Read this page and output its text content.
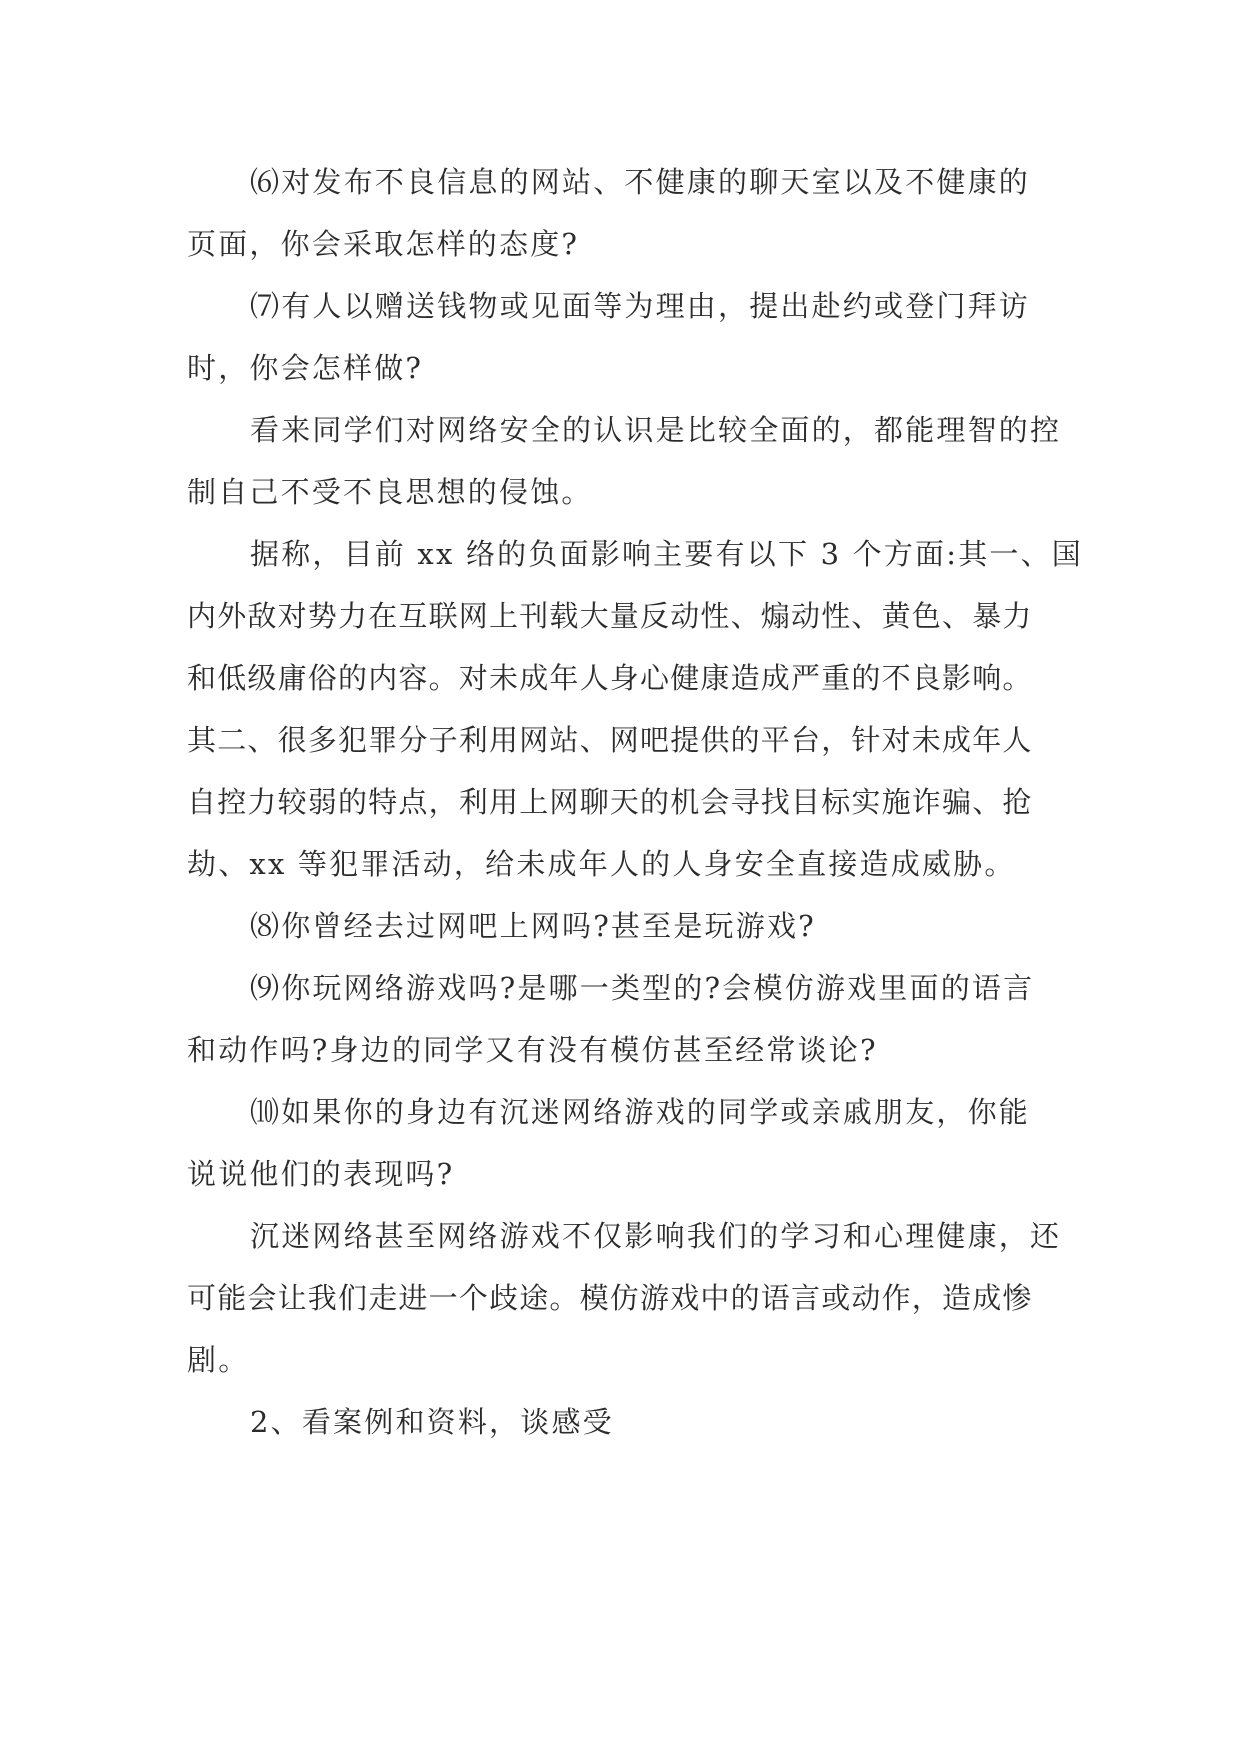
⑹对发布不良信息的网站、不健康的聊天室以及不健康的
页面，你会采取怎样的态度?
⑺有人以赠送钱物或见面等为理由，提出赴约或登门拜访
时，你会怎样做?
看来同学们对网络安全的认识是比较全面的，都能理智的控
制自己不受不良思想的侵蚀。
据称，目前 xx 络的负面影响主要有以下 3 个方面:其一、国
内外敌对势力在互联网上刊载大量反动性、煽动性、黄色、暴力
和低级庸俗的内容。对未成年人身心健康造成严重的不良影响。
其二、很多犯罪分子利用网站、网吧提供的平台，针对未成年人
自控力较弱的特点，利用上网聊天的机会寻找目标实施诈骗、抢
劫、xx 等犯罪活动，给未成年人的人身安全直接造成威胁。
⑻你曾经去过网吧上网吗?甚至是玩游戏?
⑼你玩网络游戏吗?是哪一类型的?会模仿游戏里面的语言
和动作吗?身边的同学又有没有模仿甚至经常谈论?
⑽如果你的身边有沉迷网络游戏的同学或亲戚朋友，你能
说说他们的表现吗?
沉迷网络甚至网络游戏不仅影响我们的学习和心理健康，还
可能会让我们走进一个歧途。模仿游戏中的语言或动作，造成惨
剧。
2、看案例和资料，谈感受
